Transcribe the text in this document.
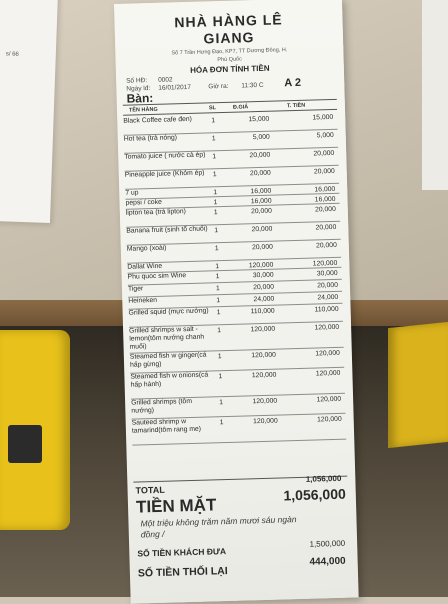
s/ 66
NHÀ HÀNG LÊ
GIANG
Số 7 Trần Hưng Đạo, KP7, TT Dương Đông, H.
Phú Quốc
HÓA ĐƠN TÍNH TIỀN
Số HĐ: 0002
Ngày lđ: 16/01/2017	Giờ ra: 11:30 C
Bàn:
A 2
TÊN HÀNG	SL	Đ.GIÁ	T. TIỀN
Black Coffee cafe đen)	1	15,000	15,000
Hot tea (trà nóng)	1	5,000	5,000
Tomato juice ( nước cà ép) 1	20,000	20,000
Pineapple juice (Khóm ép)	1	20,000	20,000
7 up	1	16,000	16,000
pepsi / coke	1	16,000	16,000
lipton tea (trà lipton)	1	20,000	20,000
Banana fruit (sinh tố chuối) 1	20,000	20,000
Mango (xoài)	1	20,000	20,000
Dallat Wine	1	120,000	120,000
Phu quoc sim Wine	1	30,000	30,000
Tiger	1	20,000	20,000
Heineken	1	24,000	24,000
Grilled squid (mực nướng)	1	110,000	110,000
Grilled shrimps w salt -lemon(tôm nướng chanh muối)
1	120,000	120,000
Steamed fish w ginger(cá hấp gừng)
1	120,000	120,000
Steamed fish w onions(cá hấp hành)
1	120,000	120,000
Grilled shrimps (tôm nướng)
1	120,000	120,000
Sauteed shrimp w tamarind(tôm rang me)
1	120,000	120,000
TOTAL
1,056,000
TIỀN MẶT
1,056,000
Một triệu không trăm năm mươi sáu ngàn đồng /
SỐ TIỀN KHÁCH ĐƯA
1,500,000
SỐ TIỀN THỐI LẠI
444,000
